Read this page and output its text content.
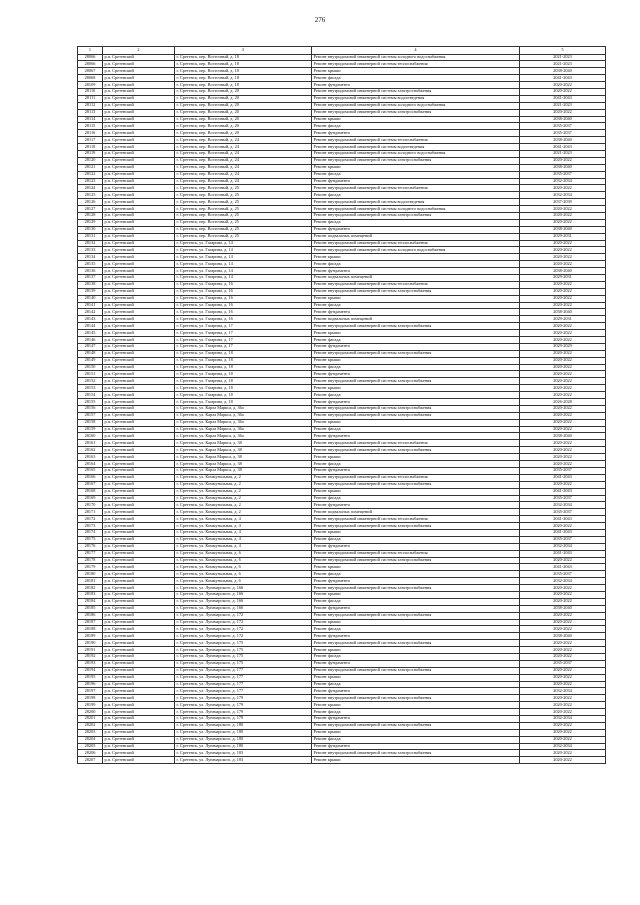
276
1	2	3	4	5
28066	р.п. Сретенский	г. Сретенск, пер. Восточный, д. 18	Ремонт внутридомовой инженерной системы холодного водоснабжения	2021-2023
28066	р.п. Сретенский	г. Сретенск, пер. Восточный, д. 18	Ремонт внутридомовой инженерной системы теплоснабжения	2021-2023
28067	р.п. Сретенский	г. Сретенск, пер. Восточный, д. 18	Ремонт крыши	2038-2040
28068	р.п. Сретенский	г. Сретенск, пер. Восточный, д. 18	Ремонт фасада	2041-2043
28109	р.п. Сретенский	г. Сретенск, пер. Восточный, д. 18	Ремонт фундамента	2020-2022
28110	р.п. Сретенский	г. Сретенск, пер. Восточный, д. 20	Ремонт внутридомовой инженерной системы электроснабжения	2020-2022
28111	р.п. Сретенский	г. Сретенск, пер. Восточный, д. 20	Ремонт внутридомовой инженерной системы водоотведения	2041-2043
28112	р.п. Сретенский	г. Сретенск, пер. Восточный, д. 20	Ремонт внутридомовой инженерной системы холодного водоснабжения	2021-2023
28113	р.п. Сретенский	г. Сретенск, пер. Восточный, д. 20	Ремонт внутридомовой инженерной системы электроснабжения	2020-2022
28114	р.п. Сретенский	г. Сретенск, пер. Восточный, д. 20	Ремонт крыши	2038-2040
28115	р.п. Сретенский	г. Сретенск, пер. Восточный, д. 20	Ремонт фасада	2035-2037
28116	р.п. Сретенский	г. Сретенск, пер. Восточный, д. 20	Ремонт фундамента	2035-2037
28117	р.п. Сретенский	г. Сретенск, пер. Восточный, д. 24	Ремонт внутридомовой инженерной системы теплоснабжения	2038-2040
28118	р.п. Сретенский	г. Сретенск, пер. Восточный, д. 24	Ремонт внутридомовой инженерной системы водоотведения	2041-2043
28119	р.п. Сретенский	г. Сретенск, пер. Восточный, д. 24	Ремонт внутридомовой инженерной системы холодного водоснабжения	2021-2023
28120	р.п. Сретенский	г. Сретенск, пер. Восточный, д. 24	Ремонт внутридомовой инженерной системы электроснабжения	2020-2022
28121	р.п. Сретенский	г. Сретенск, пер. Восточный, д. 24	Ремонт крыши	2038-2040
28122	р.п. Сретенский	г. Сретенск, пер. Восточный, д. 24	Ремонт фасада	2035-2037
28123	р.п. Сретенский	г. Сретенск, пер. Восточный, д. 24	Ремонт фундамента	2032-2034
28124	р.п. Сретенский	г. Сретенск, пер. Восточный, д. 25	Ремонт внутридомовой инженерной системы теплоснабжения	2020-2022
28125	р.п. Сретенский	г. Сретенск, пер. Восточный, д. 25	Ремонт фасада	2032-2034
28126	р.п. Сретенский	г. Сретенск, пер. Восточный, д. 25	Ремонт внутридомовой инженерной системы водоотведения	2037-2039
28127	р.п. Сретенский	г. Сретенск, пер. Восточный, д. 25	Ремонт внутридомовой инженерной системы холодного водоснабжения	2020-2022
28128	р.п. Сретенский	г. Сретенск, пер. Восточный, д. 25	Ремонт внутридомовой инженерной системы электроснабжения	2020-2022
28129	р.п. Сретенский	г. Сретенск, пер. Восточный, д. 25	Ремонт фасада	2020-2022
28130	р.п. Сретенский	г. Сретенск, пер. Восточный, д. 25	Ремонт фундамента	2038-2040
28131	р.п. Сретенский	г. Сретенск, пер. Восточный, д. 25	Ремонт подвальных помещений	2029-2031
28132	р.п. Сретенский	г. Сретенск, ул. Гагарина, д. 14	Ремонт внутридомовой инженерной системы теплоснабжения	2020-2022
28133	р.п. Сретенский	г. Сретенск, ул. Гагарина, д. 14	Ремонт внутридомовой инженерной системы холодного водоснабжения	2020-2022
28134	р.п. Сретенский	г. Сретенск, ул. Гагарина, д. 14	Ремонт крыши	2020-2022
28135	р.п. Сретенский	г. Сретенск, ул. Гагарина, д. 14	Ремонт фасада	2020-2022
28136	р.п. Сретенский	г. Сретенск, ул. Гагарина, д. 14	Ремонт фундамента	2038-2040
28137	р.п. Сретенский	г. Сретенск, ул. Гагарина, д. 14	Ремонт подвальных помещений	2029-2031
28138	р.п. Сретенский	г. Сретенск, ул. Гагарина, д. 16	Ремонт внутридомовой инженерной системы теплоснабжения	2020-2022
28139	р.п. Сретенский	г. Сретенск, ул. Гагарина, д. 16	Ремонт внутридомовой инженерной системы электроснабжения	2020-2022
28140	р.п. Сретенский	г. Сретенск, ул. Гагарина, д. 16	Ремонт крыши	2020-2022
28141	р.п. Сретенский	г. Сретенск, ул. Гагарина, д. 16	Ремонт фасада	2020-2022
28142	р.п. Сретенский	г. Сретенск, ул. Гагарина, д. 16	Ремонт фундамента	2038-2040
28143	р.п. Сретенский	г. Сретенск, ул. Гагарина, д. 16	Ремонт подвальных помещений	2029-2031
28144	р.п. Сретенский	г. Сретенск, ул. Гагарина, д. 17	Ремонт внутридомовой инженерной системы электроснабжения	2020-2022
28145	р.п. Сретенский	г. Сретенск, ул. Гагарина, д. 17	Ремонт крыши	2020-2022
28146	р.п. Сретенский	г. Сретенск, ул. Гагарина, д. 17	Ремонт фасада	2020-2022
28147	р.п. Сретенский	г. Сретенск, ул. Гагарина, д. 17	Ремонт фундамента	2029-2029
28148	р.п. Сретенский	г. Сретенск, ул. Гагарина, д. 18	Ремонт внутридомовой инженерной системы электроснабжения	2020-2022
28149	р.п. Сретенский	г. Сретенск, ул. Гагарина, д. 18	Ремонт крыши	2020-2022
28150	р.п. Сретенский	г. Сретенск, ул. Гагарина, д. 18	Ремонт фасада	2020-2022
28151	р.п. Сретенский	г. Сретенск, ул. Гагарина, д. 18	Ремонт фундамента	2020-2022
28152	р.п. Сретенский	г. Сретенск, ул. Гагарина, д. 18	Ремонт внутридомовой инженерной системы электроснабжения	2020-2022
28153	р.п. Сретенский	г. Сретенск, ул. Гагарина, д. 18	Ремонт крыши	2020-2022
28154	р.п. Сретенский	г. Сретенск, ул. Гагарина, д. 18	Ремонт фасада	2020-2022
28155	р.п. Сретенский	г. Сретенск, ул. Гагарина, д. 18	Ремонт фундамента	2026-2028
28156	р.п. Сретенский	г. Сретенск, ул. Карла Маркса, д. 36а	Ремонт внутридомовой инженерной системы электроснабжения	2020-2022
28157	р.п. Сретенский	г. Сретенск, ул. Карла Маркса, д. 36а	Ремонт внутридомовой инженерной системы электроснабжения	2020-2022
28158	р.п. Сретенский	г. Сретенск, ул. Карла Маркса, д. 36а	Ремонт крыши	2020-2022
28159	р.п. Сретенский	г. Сретенск, ул. Карла Маркса, д. 36а	Ремонт фасада	2020-2022
28160	р.п. Сретенский	г. Сретенск, ул. Карла Маркса, д. 36а	Ремонт фундамента	2038-2040
28161	р.п. Сретенский	г. Сретенск, ул. Карла Маркса, д. 38	Ремонт внутридомовой инженерной системы теплоснабжения	2020-2022
28162	р.п. Сретенский	г. Сретенск, ул. Карла Маркса, д. 38	Ремонт внутридомовой инженерной системы электроснабжения	2020-2022
28163	р.п. Сретенский	г. Сретенск, ул. Карла Маркса, д. 38	Ремонт крыши	2020-2022
28164	р.п. Сретенский	г. Сретенск, ул. Карла Маркса, д. 38	Ремонт фасада	2020-2022
28165	р.п. Сретенский	г. Сретенск, ул. Карла Маркса, д. 38	Ремонт фундамента	2035-2037
28166	р.п. Сретенский	г. Сретенск, ул. Коммунальная, д. 2	Ремонт внутридомовой инженерной системы теплоснабжения	2041-2043
28167	р.п. Сретенский	г. Сретенск, ул. Коммунальная, д. 2	Ремонт внутридомовой инженерной системы электроснабжения	2020-2022
28168	р.п. Сретенский	г. Сретенск, ул. Коммунальная, д. 2	Ремонт крыши	2041-2043
28169	р.п. Сретенский	г. Сретенск, ул. Коммунальная, д. 2	Ремонт фасада	2035-2037
28170	р.п. Сретенский	г. Сретенск, ул. Коммунальная, д. 2	Ремонт фундамента	2032-2034
28171	р.п. Сретенский	г. Сретенск, ул. Коммунальная, д. 2	Ремонт подвальных помещений	2035-2037
28172	р.п. Сретенский	г. Сретенск, ул. Коммунальная, д. 4	Ремонт внутридомовой инженерной системы теплоснабжения	2041-2043
28173	р.п. Сретенский	г. Сретенск, ул. Коммунальная, д. 4	Ремонт внутридомовой инженерной системы электроснабжения	2020-2022
28174	р.п. Сретенский	г. Сретенск, ул. Коммунальная, д. 4	Ремонт крыши	2041-2043
28175	р.п. Сретенский	г. Сретенск, ул. Коммунальная, д. 4	Ремонт фасада	2035-2037
28176	р.п. Сретенский	г. Сретенск, ул. Коммунальная, д. 4	Ремонт фундамента	2032-2034
28177	р.п. Сретенский	г. Сретенск, ул. Коммунальная, д. 6	Ремонт внутридомовой инженерной системы теплоснабжения	2041-2043
28178	р.п. Сретенский	г. Сретенск, ул. Коммунальная, д. 6	Ремонт внутридомовой инженерной системы электроснабжения	2020-2022
28179	р.п. Сретенский	г. Сретенск, ул. Коммунальная, д. 6	Ремонт крыши	2041-2043
28180	р.п. Сретенский	г. Сретенск, ул. Коммунальная, д. 6	Ремонт фасада	2035-2037
28181	р.п. Сретенский	г. Сретенск, ул. Коммунальная, д. 6	Ремонт фундамента	2032-2034
28182	р.п. Сретенский	г. Сретенск, ул. Луначарского, д. 166	Ремонт внутридомовой инженерной системы электроснабжения	2020-2022
28183	р.п. Сретенский	г. Сретенск, ул. Луначарского, д. 166	Ремонт крыши	2020-2022
28184	р.п. Сретенский	г. Сретенск, ул. Луначарского, д. 166	Ремонт фасада	2020-2022
28185	р.п. Сретенский	г. Сретенск, ул. Луначарского, д. 166	Ремонт фундамента	2038-2040
28186	р.п. Сретенский	г. Сретенск, ул. Луначарского, д. 172	Ремонт внутридомовой инженерной системы электроснабжения	2020-2022
28187	р.п. Сретенский	г. Сретенск, ул. Луначарского, д. 172	Ремонт крыши	2020-2022
28188	р.п. Сретенский	г. Сретенск, ул. Луначарского, д. 172	Ремонт фасада	2020-2022
28189	р.п. Сретенский	г. Сретенск, ул. Луначарского, д. 172	Ремонт фундамента	2038-2040
28190	р.п. Сретенский	г. Сретенск, ул. Луначарского, д. 175	Ремонт внутридомовой инженерной системы электроснабжения	2020-2022
28191	р.п. Сретенский	г. Сретенск, ул. Луначарского, д. 175	Ремонт крыши	2020-2022
28192	р.п. Сретенский	г. Сретенск, ул. Луначарского, д. 175	Ремонт фасада	2020-2022
28193	р.п. Сретенский	г. Сретенск, ул. Луначарского, д. 175	Ремонт фундамента	2035-2037
28194	р.п. Сретенский	г. Сретенск, ул. Луначарского, д. 177	Ремонт внутридомовой инженерной системы электроснабжения	2020-2022
28195	р.п. Сретенский	г. Сретенск, ул. Луначарского, д. 177	Ремонт крыши	2020-2022
28196	р.п. Сретенский	г. Сретенск, ул. Луначарского, д. 177	Ремонт фасада	2020-2022
28197	р.п. Сретенский	г. Сретенск, ул. Луначарского, д. 177	Ремонт фундамента	2032-2034
28198	р.п. Сретенский	г. Сретенск, ул. Луначарского, д. 179	Ремонт внутридомовой инженерной системы электроснабжения	2020-2022
28199	р.п. Сретенский	г. Сретенск, ул. Луначарского, д. 179	Ремонт крыши	2020-2022
28200	р.п. Сретенский	г. Сретенск, ул. Луначарского, д. 179	Ремонт фасада	2020-2022
28201	р.п. Сретенский	г. Сретенск, ул. Луначарского, д. 179	Ремонт фундамента	2032-2034
28202	р.п. Сретенский	г. Сретенск, ул. Луначарского, д. 180	Ремонт внутридомовой инженерной системы электроснабжения	2020-2022
28203	р.п. Сретенский	г. Сретенск, ул. Луначарского, д. 180	Ремонт крыши	2020-2022
28204	р.п. Сретенский	г. Сретенск, ул. Луначарского, д. 180	Ремонт фасада	2020-2022
28205	р.п. Сретенский	г. Сретенск, ул. Луначарского, д. 180	Ремонт фундамента	2032-2034
28206	р.п. Сретенский	г. Сретенск, ул. Луначарского, д. 183	Ремонт внутридомовой инженерной системы электроснабжения	2020-2022
28207	р.п. Сретенский	г. Сретенск, ул. Луначарского, д. 183	Ремонт крыши	2020-2022
